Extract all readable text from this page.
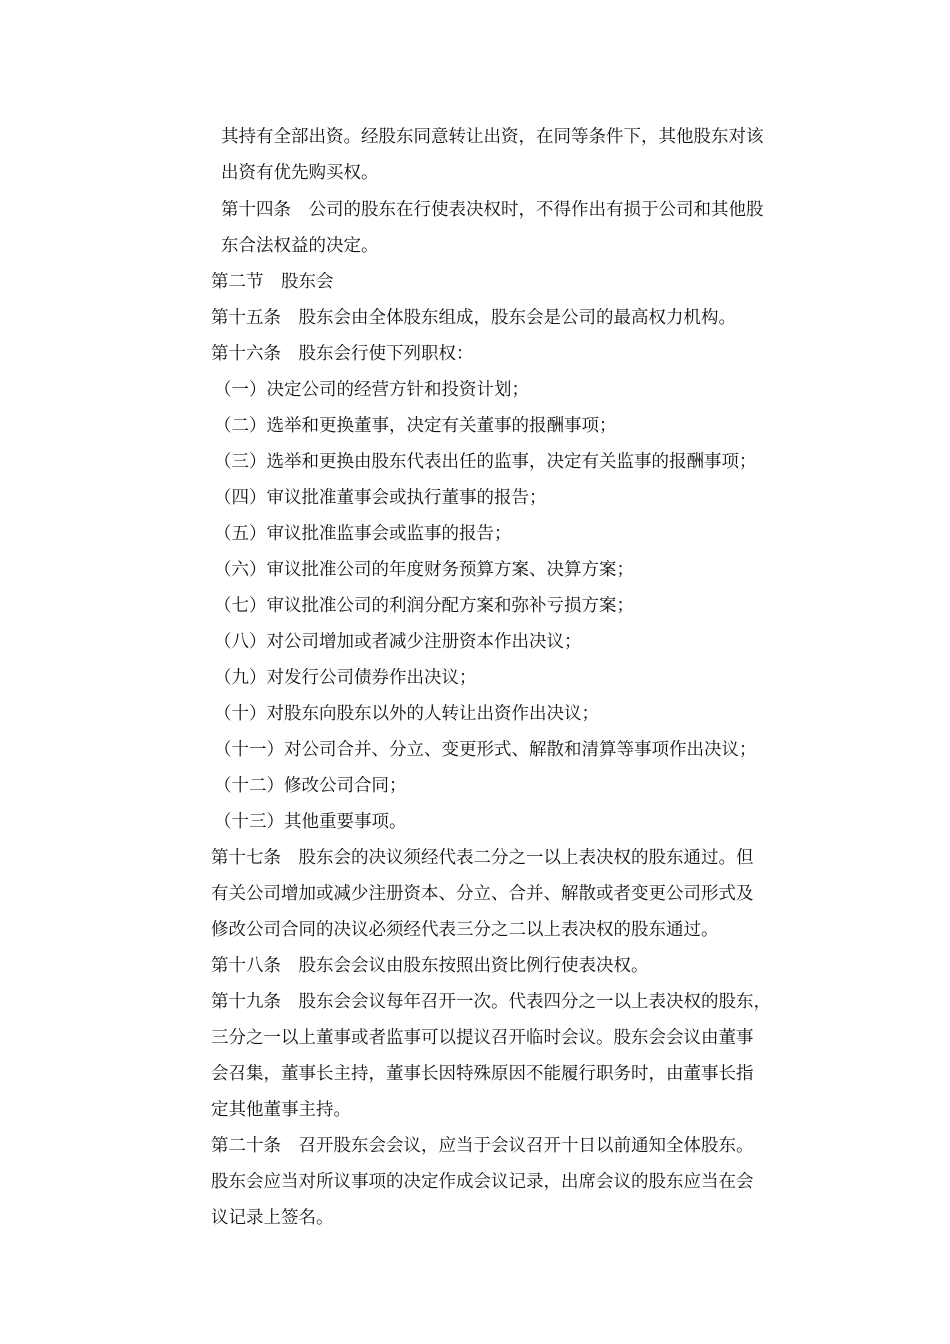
其持有全部出资。经股东同意转让出资，在同等条件下，其他股东对该
出资有优先购买权。
第十四条　公司的股东在行使表决权时，不得作出有损于公司和其他股
东合法权益的决定。
第二节　股东会
第十五条　股东会由全体股东组成，股东会是公司的最高权力机构。
第十六条　股东会行使下列职权：
（一）决定公司的经营方针和投资计划；
（二）选举和更换董事，决定有关董事的报酬事项；
（三）选举和更换由股东代表出任的监事，决定有关监事的报酬事项；
（四）审议批准董事会或执行董事的报告；
（五）审议批准监事会或监事的报告；
（六）审议批准公司的年度财务预算方案、决算方案；
（七）审议批准公司的利润分配方案和弥补亏损方案；
（八）对公司增加或者减少注册资本作出决议；
（九）对发行公司债券作出决议；
（十）对股东向股东以外的人转让出资作出决议；
（十一）对公司合并、分立、变更形式、解散和清算等事项作出决议；
（十二）修改公司合同；
（十三）其他重要事项。
第十七条　股东会的决议须经代表二分之一以上表决权的股东通过。但
有关公司增加或减少注册资本、分立、合并、解散或者变更公司形式及
修改公司合同的决议必须经代表三分之二以上表决权的股东通过。
第十八条　股东会会议由股东按照出资比例行使表决权。
第十九条　股东会会议每年召开一次。代表四分之一以上表决权的股东，
三分之一以上董事或者监事可以提议召开临时会议。股东会会议由董事
会召集，董事长主持，董事长因特殊原因不能履行职务时，由董事长指
定其他董事主持。
第二十条　召开股东会会议，应当于会议召开十日以前通知全体股东。
股东会应当对所议事项的决定作成会议记录，出席会议的股东应当在会
议记录上签名。
